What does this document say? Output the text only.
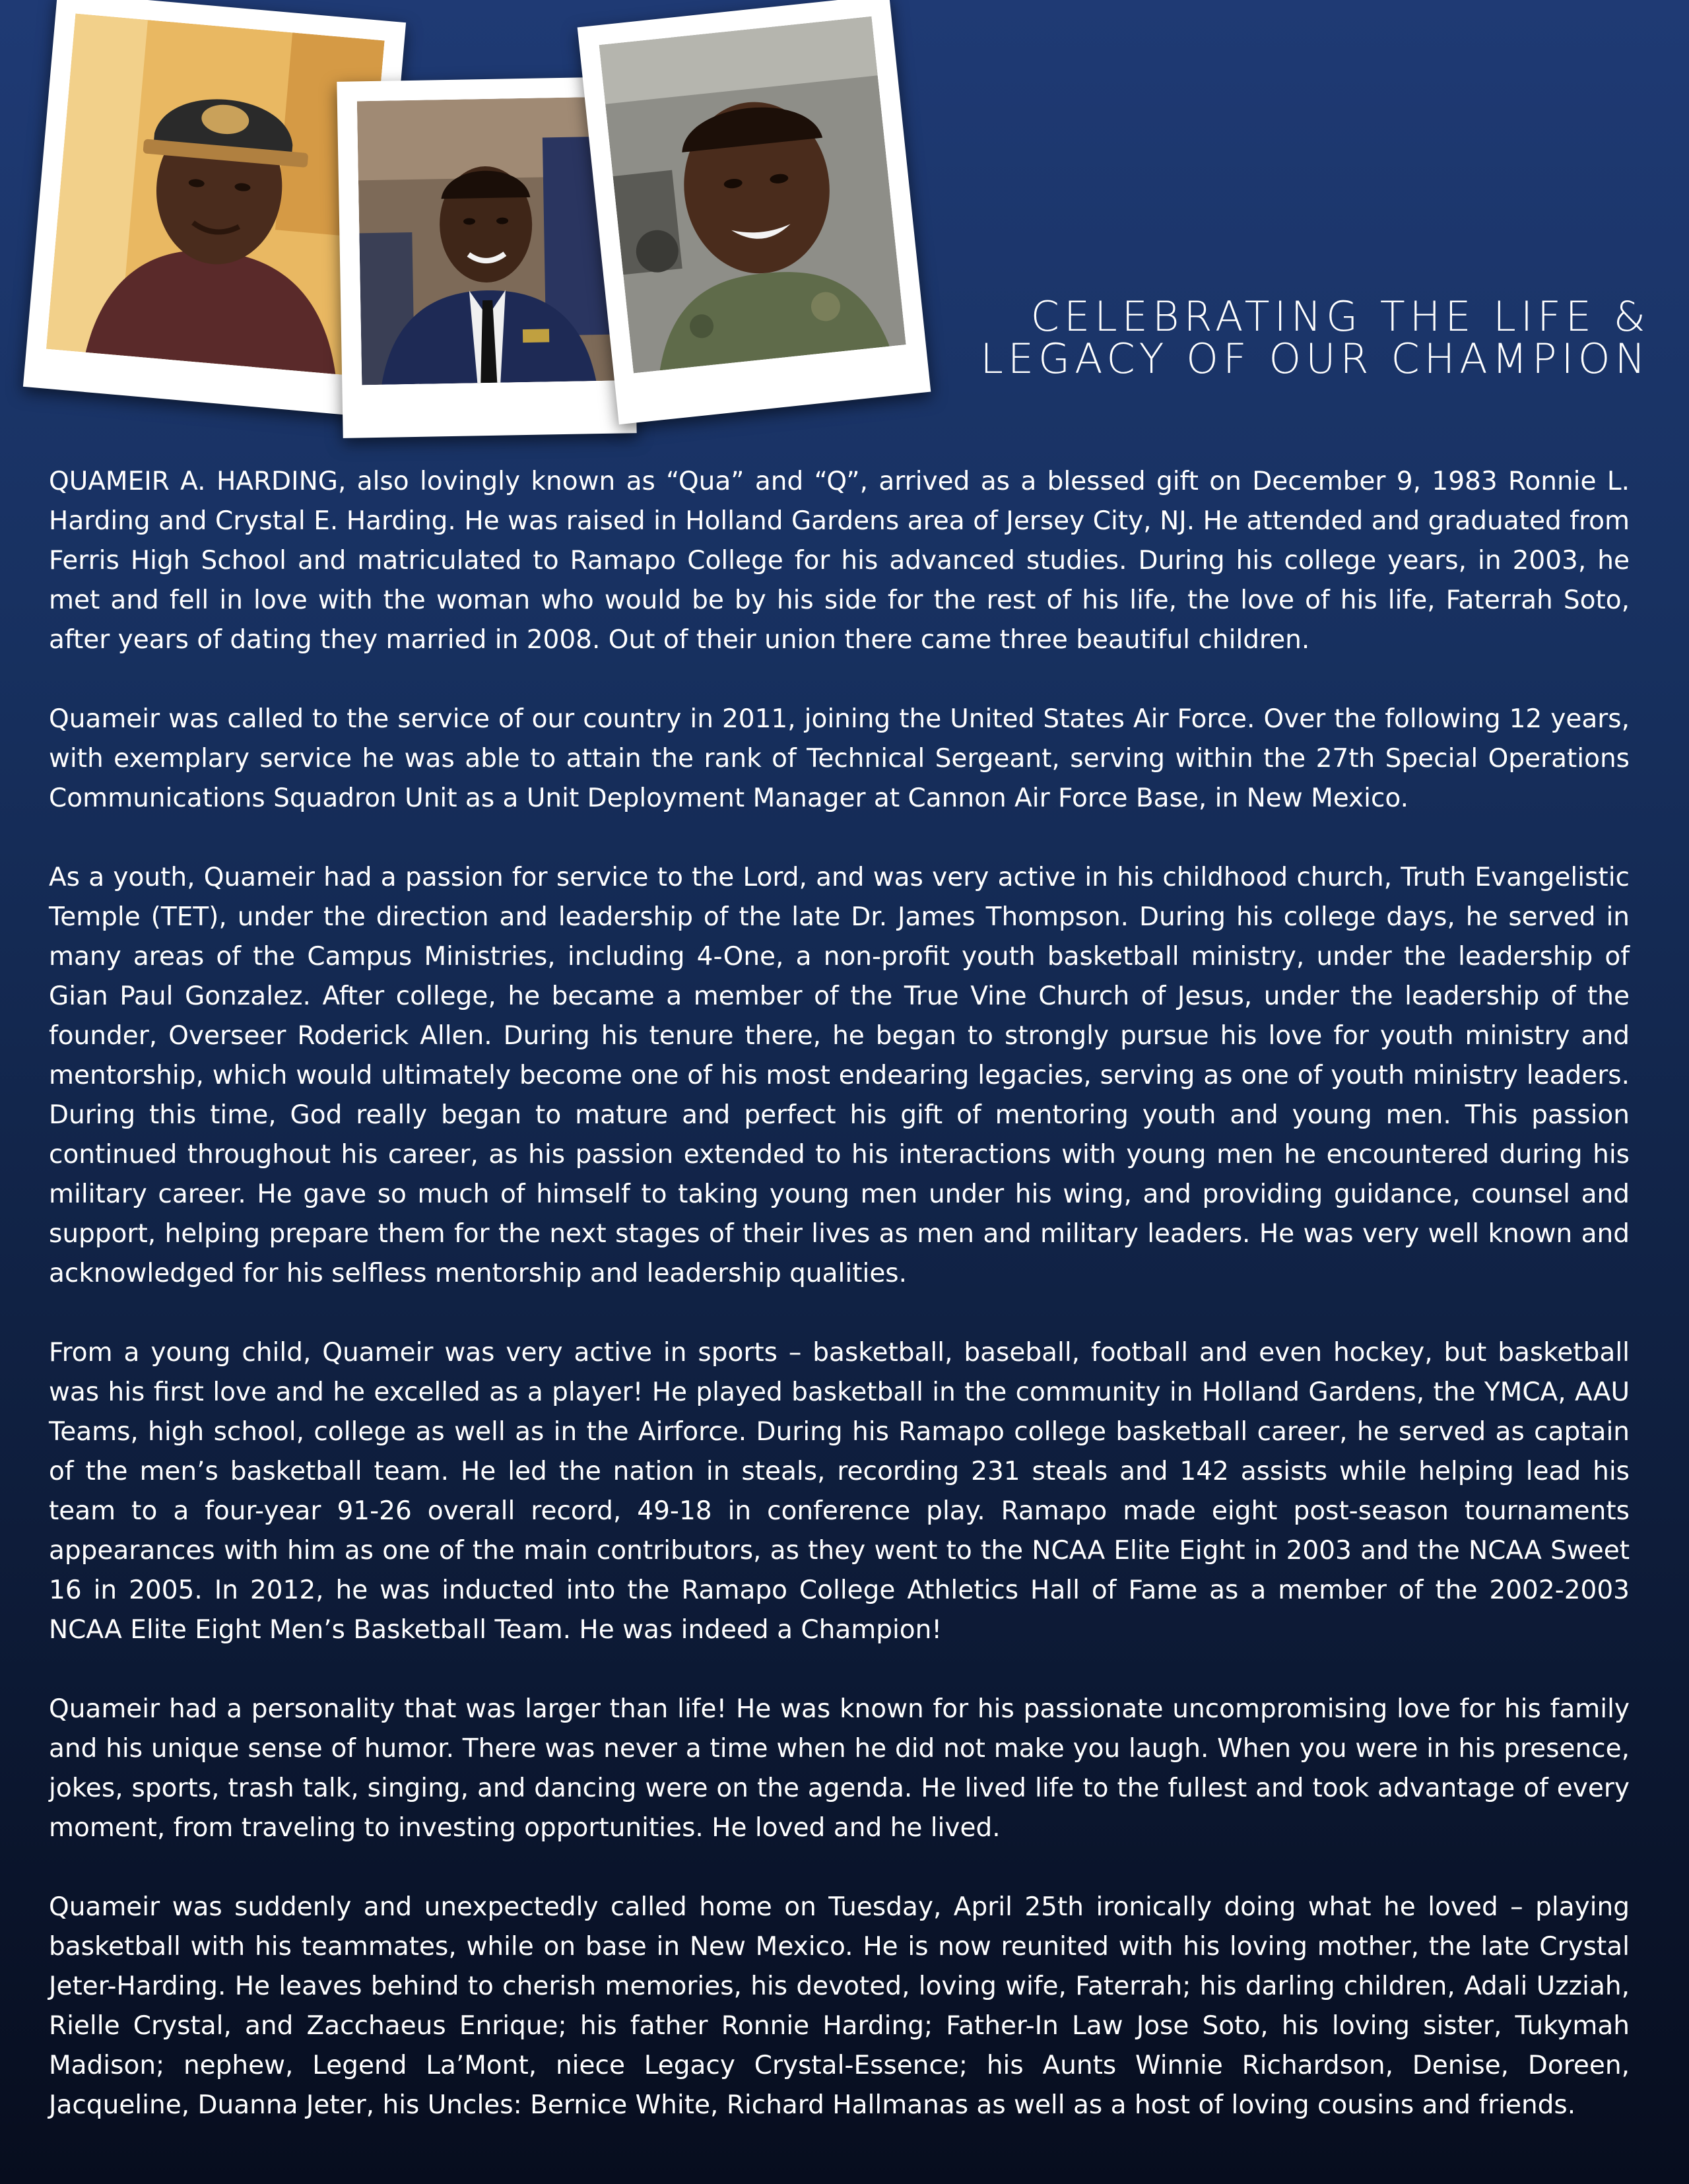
CELEBRATING THE LIFE &
LEGACY OF OUR CHAMPION

QUAMEIR A. HARDING, also lovingly known as “Qua” and “Q”, arrived as a blessed gift on December 9, 1983 Ronnie L. Harding and Crystal E. Harding. He was raised in Holland Gardens area of Jersey City, NJ. He attended and graduated from Ferris High School and matriculated to Ramapo College for his advanced studies. During his college years, in 2003, he met and fell in love with the woman who would be by his side for the rest of his life, the love of his life, Faterrah Soto, after years of dating they married in 2008. Out of their union there came three beautiful children.

Quameir was called to the service of our country in 2011, joining the United States Air Force. Over the following 12 years, with exemplary service he was able to attain the rank of Technical Sergeant, serving within the 27th Special Operations Communications Squadron Unit as a Unit Deployment Manager at Cannon Air Force Base, in New Mexico.

As a youth, Quameir had a passion for service to the Lord, and was very active in his childhood church, Truth Evangelistic Temple (TET), under the direction and leadership of the late Dr. James Thompson. During his college days, he served in many areas of the Campus Ministries, including 4-One, a non-profit youth basketball ministry, under the leadership of Gian Paul Gonzalez. After college, he became a member of the True Vine Church of Jesus, under the leadership of the founder, Overseer Roderick Allen. During his tenure there, he began to strongly pursue his love for youth ministry and mentorship, which would ultimately become one of his most endearing legacies, serving as one of youth ministry leaders. During this time, God really began to mature and perfect his gift of mentoring youth and young men. This passion continued throughout his career, as his passion extended to his interactions with young men he encountered during his military career. He gave so much of himself to taking young men under his wing, and providing guidance, counsel and support, helping prepare them for the next stages of their lives as men and military leaders. He was very well known and acknowledged for his selfless mentorship and leadership qualities.

From a young child, Quameir was very active in sports – basketball, baseball, football and even hockey, but basketball was his first love and he excelled as a player! He played basketball in the community in Holland Gardens, the YMCA, AAU Teams, high school, college as well as in the Airforce. During his Ramapo college basketball career, he served as captain of the men’s basketball team. He led the nation in steals, recording 231 steals and 142 assists while helping lead his team to a four-year 91-26 overall record, 49-18 in conference play. Ramapo made eight post-season tournaments appearances with him as one of the main contributors, as they went to the NCAA Elite Eight in 2003 and the NCAA Sweet 16 in 2005. In 2012, he was inducted into the Ramapo College Athletics Hall of Fame as a member of the 2002-2003 NCAA Elite Eight Men’s Basketball Team. He was indeed a Champion!

Quameir had a personality that was larger than life! He was known for his passionate uncompromising love for his family and his unique sense of humor. There was never a time when he did not make you laugh. When you were in his presence, jokes, sports, trash talk, singing, and dancing were on the agenda. He lived life to the fullest and took advantage of every moment, from traveling to investing opportunities. He loved and he lived.

Quameir was suddenly and unexpectedly called home on Tuesday, April 25th ironically doing what he loved – playing basketball with his teammates, while on base in New Mexico. He is now reunited with his loving mother, the late Crystal Jeter-Harding. He leaves behind to cherish memories, his devoted, loving wife, Faterrah; his darling children, Adali Uzziah, Rielle Crystal, and Zacchaeus Enrique; his father Ronnie Harding; Father-In Law Jose Soto, his loving sister, Tukymah Madison; nephew, Legend La’Mont, niece Legacy Crystal-Essence; his Aunts Winnie Richardson, Denise, Doreen, Jacqueline, Duanna Jeter, his Uncles: Bernice White, Richard Hallmanas as well as a host of loving cousins and friends.
